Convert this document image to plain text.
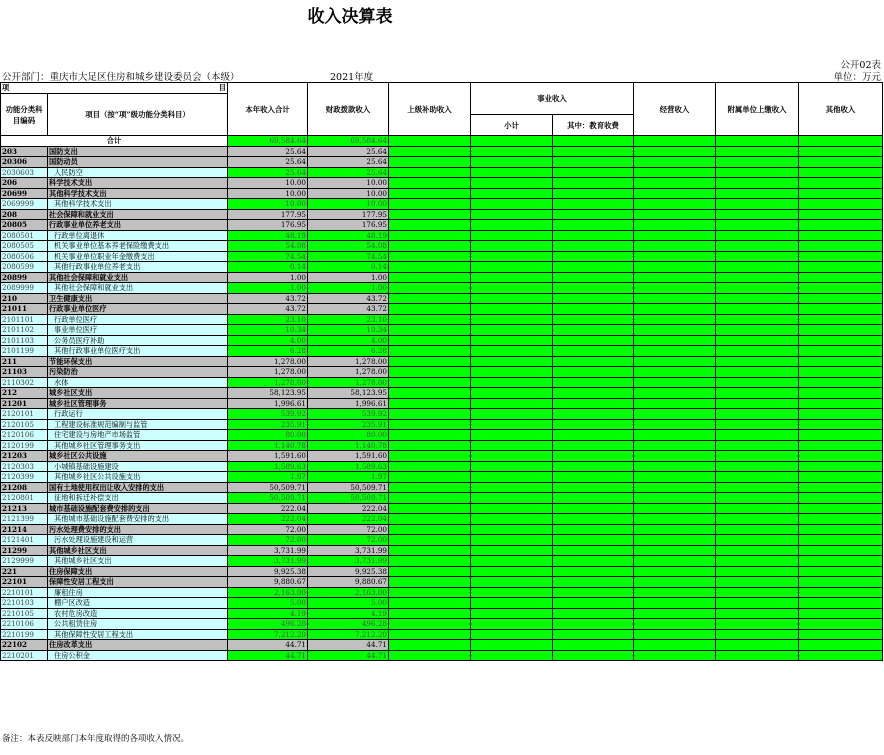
收入决算表
公开02表
公开部门：重庆市大足区住房和城乡建设委员会（本级）	2021年度	单位：万元
项	目	本年收入合计	财政拨款收入	上级补助收入	事业收入		经营收入	附属单位上缴收入	其他收入
功能分类科目编码	项目（按“项”级功能分类科目）								
					小计	其中：教育收费			
合计		69,584.64	69,584.64						
203	国防支出	25.64	25.64						
20306	国防动员	25.64	25.64						
2030603	人民防空	25.64	25.64						
206	科学技术支出	10.00	10.00						
20699	其他科学技术支出	10.00	10.00						
2069999	其他科学技术支出	10.00	10.00						
208	社会保障和就业支出	177.95	177.95						
20805	行政事业单位养老支出	176.95	176.95						
2080501	行政单位离退休	48.19	48.19						
2080505	机关事业单位基本养老保险缴费支出	54.08	54.08						
2080506	机关事业单位职业年金缴费支出	74.54	74.54						
2080599	其他行政事业单位养老支出	0.14	0.14						
20899	其他社会保障和就业支出	1.00	1.00						
2089999	其他社会保障和就业支出	1.00	1.00						
210	卫生健康支出	43.72	43.72						
21011	行政事业单位医疗	43.72	43.72						
2101101	行政单位医疗	23.10	23.10						
2101102	事业单位医疗	10.34	10.34						
2101103	公务员医疗补助	4.00	4.00						
2101199	其他行政事业单位医疗支出	6.28	6.28						
211	节能环保支出	1,278.00	1,278.00						
21103	污染防治	1,278.00	1,278.00						
2110302	水体	1,278.00	1,278.00						
212	城乡社区支出	58,123.95	58,123.95						
21201	城乡社区管理事务	1,996.61	1,996.61						
2120101	行政运行	539.92	539.92						
2120105	工程建设标准规范编制与监管	235.91	235.91						
2120106	住宅建设与房地产市场监管	80.00	80.00						
2120199	其他城乡社区管理事务支出	1,140.78	1,140.78						
21203	城乡社区公共设施	1,591.60	1,591.60						
2120303	小城镇基础设施建设	1,589.63	1,589.63						
2120399	其他城乡社区公共设施支出	1.97	1.97						
21208	国有土地使用权出让收入安排的支出	50,509.71	50,509.71						
2120801	征地和拆迁补偿支出	50,509.71	50,509.71						
21213	城市基础设施配套费安排的支出	222.04	222.04						
2121399	其他城市基础设施配套费安排的支出	222.04	222.04						
21214	污水处理费安排的支出	72.00	72.00						
2121401	污水处理设施建设和运营	72.00	72.00						
21299	其他城乡社区支出	3,731.99	3,731.99						
2129999	其他城乡社区支出	3,731.99	3,731.99						
221	住房保障支出	9,925.38	9,925.38						
22101	保障性安居工程支出	9,880.67	9,880.67						
2210101	廉租住房	2,163.00	2,163.00						
2210103	棚户区改造	5.00	5.00						
2210105	农村危房改造	4.19	4.19						
2210106	公共租赁住房	496.28	496.28						
2210199	其他保障性安居工程支出	7,212.20	7,212.20						
22102	住房改革支出	44.71	44.71						
2210201	住房公积金	44.71	44.71						
备注：本表反映部门本年度取得的各项收入情况。
